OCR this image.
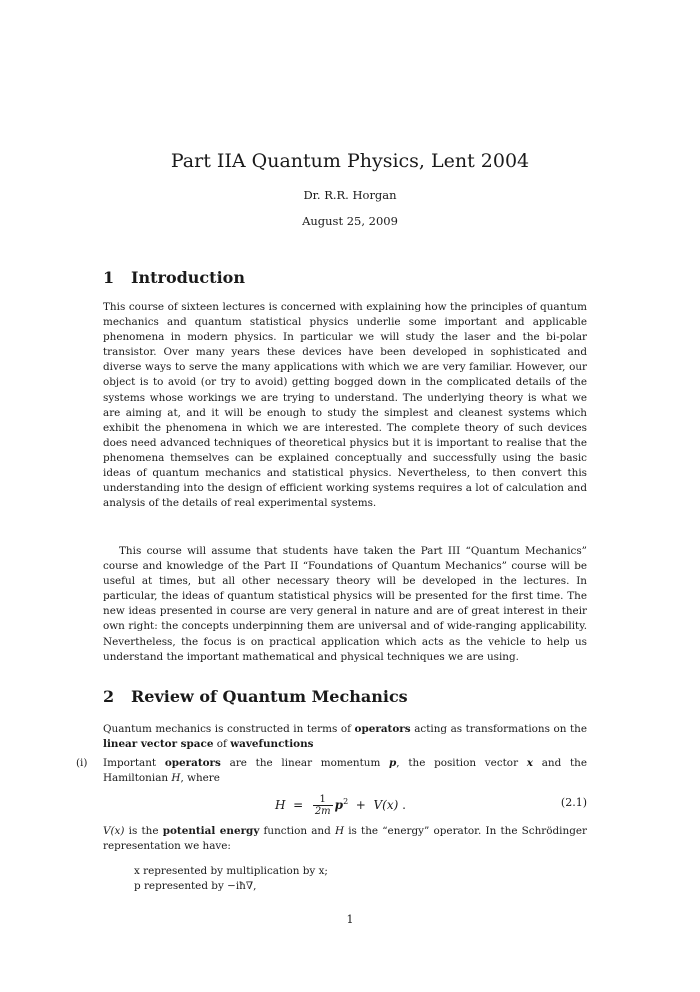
Part IIA Quantum Physics, Lent 2004
Dr. R.R. Horgan
August 25, 2009
1 Introduction

This course of sixteen lectures is concerned with explaining how the principles of quantum mechanics and quantum statistical physics underlie some important and applicable phenomena in modern physics. In particular we will study the laser and the bi-polar transistor. Over many years these devices have been developed in sophisticated and diverse ways to serve the many applications with which we are very familiar. However, our object is to avoid (or try to avoid) getting bogged down in the complicated details of the systems whose workings we are trying to understand. The underlying theory is what we are aiming at, and it will be enough to study the simplest and cleanest systems which exhibit the phenomena in which we are interested. The complete theory of such devices does need advanced techniques of theoretical physics but it is important to realise that the phenomena themselves can be explained conceptually and successfully using the basic ideas of quantum mechanics and statistical physics. Nevertheless, to then convert this understanding into the design of efficient working systems requires a lot of calculation and analysis of the details of real experimental systems.

This course will assume that students have taken the Part III “Quantum Mechanics” course and knowledge of the Part II “Foundations of Quantum Mechanics” course will be useful at times, but all other necessary theory will be developed in the lectures. In particular, the ideas of quantum statistical physics will be presented for the first time. The new ideas presented in course are very general in nature and are of great interest in their own right: the concepts underpinning them are universal and of wide-ranging applicability. Nevertheless, the focus is on practical application which acts as the vehicle to help us understand the important mathematical and physical techniques we are using.

2 Review of Quantum Mechanics

Quantum mechanics is constructed in terms of operators acting as transformations on the linear vector space of wavefunctions

(i) Important operators are the linear momentum p, the position vector x and the Hamiltonian H, where
$H = \frac{1}{2m} p^2 + V(x)$ .	(2.1)

V(x) is the potential energy function and H is the “energy” operator. In the Schrödinger representation we have:

x represented by multiplication by x;
p represented by −iħ∇,
1
